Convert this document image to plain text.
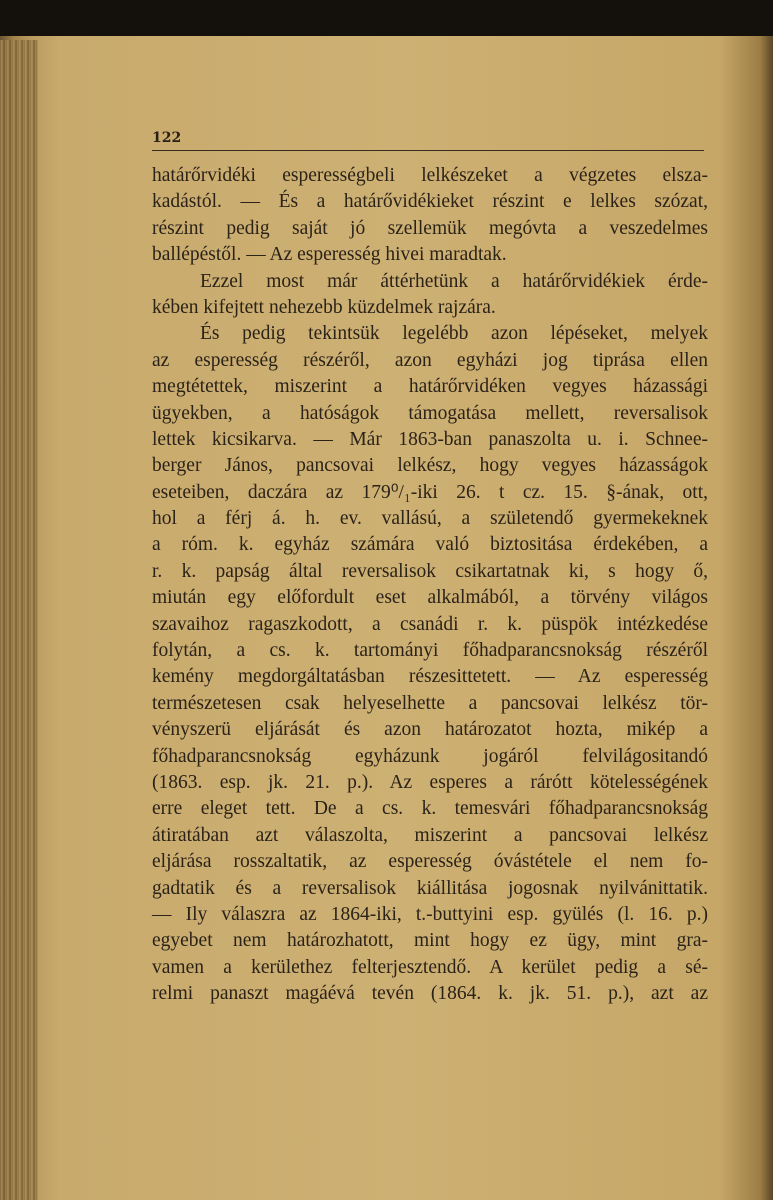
122
határőrvidéki esperességbeli lelkészeket a végzetes elsza-
kadástól. — És a határővidékieket részint e lelkes szózat,
részint pedig saját jó szellemük megóvta a veszedelmes
ballépéstől. — Az esperesség hivei maradtak.
Ezzel most már áttérhetünk a határőrvidékiek érde-
kében kifejtett nehezebb küzdelmek rajzára.
És pedig tekintsük legelébb azon lépéseket, melyek
az esperesség részéről, azon egyházi jog tiprása ellen
megtétettek, miszerint a határőrvidéken vegyes házassági
ügyekben, a hatóságok támogatása mellett, reversalisok
lettek kicsikarva. — Már 1863-ban panaszolta u. i. Schnee-
berger János, pancsovai lelkész, hogy vegyes házasságok
eseteiben, daczára az 179⁰/₁-iki 26. t cz. 15. §-ának, ott,
hol a férj á. h. ev. vallású, a születendő gyermekeknek
a róm. k. egyház számára való biztositása érdekében, a
r. k. papság által reversalisok csikartatnak ki, s hogy ő,
miután egy előfordult eset alkalmából, a törvény világos
szavaihoz ragaszkodott, a csanádi r. k. püspök intézkedése
folytán, a cs. k. tartományi főhadparancsnokság részéről
kemény megdorgáltatásban részesittetett. — Az esperesség
természetesen csak helyeselhette a pancsovai lelkész tör-
vényszerü eljárását és azon határozatot hozta, mikép a
főhadparancsnokság egyházunk jogáról felvilágositandó
(1863. esp. jk. 21. p.). Az esperes a rárótt kötelességének
erre eleget tett. De a cs. k. temesvári főhadparancsnokság
átiratában azt válaszolta, miszerint a pancsovai lelkész
eljárása rosszaltatik, az esperesség óvástétele el nem fo-
gadtatik és a reversalisok kiállitása jogosnak nyilvánittatik.
— Ily válaszra az 1864-iki, t.-buttyini esp. gyülés (l. 16. p.)
egyebet nem határozhatott, mint hogy ez ügy, mint gra-
vamen a kerülethez felterjesztendő. A kerület pedig a sé-
relmi panaszt magáévá tevén (1864. k. jk. 51. p.), azt az
